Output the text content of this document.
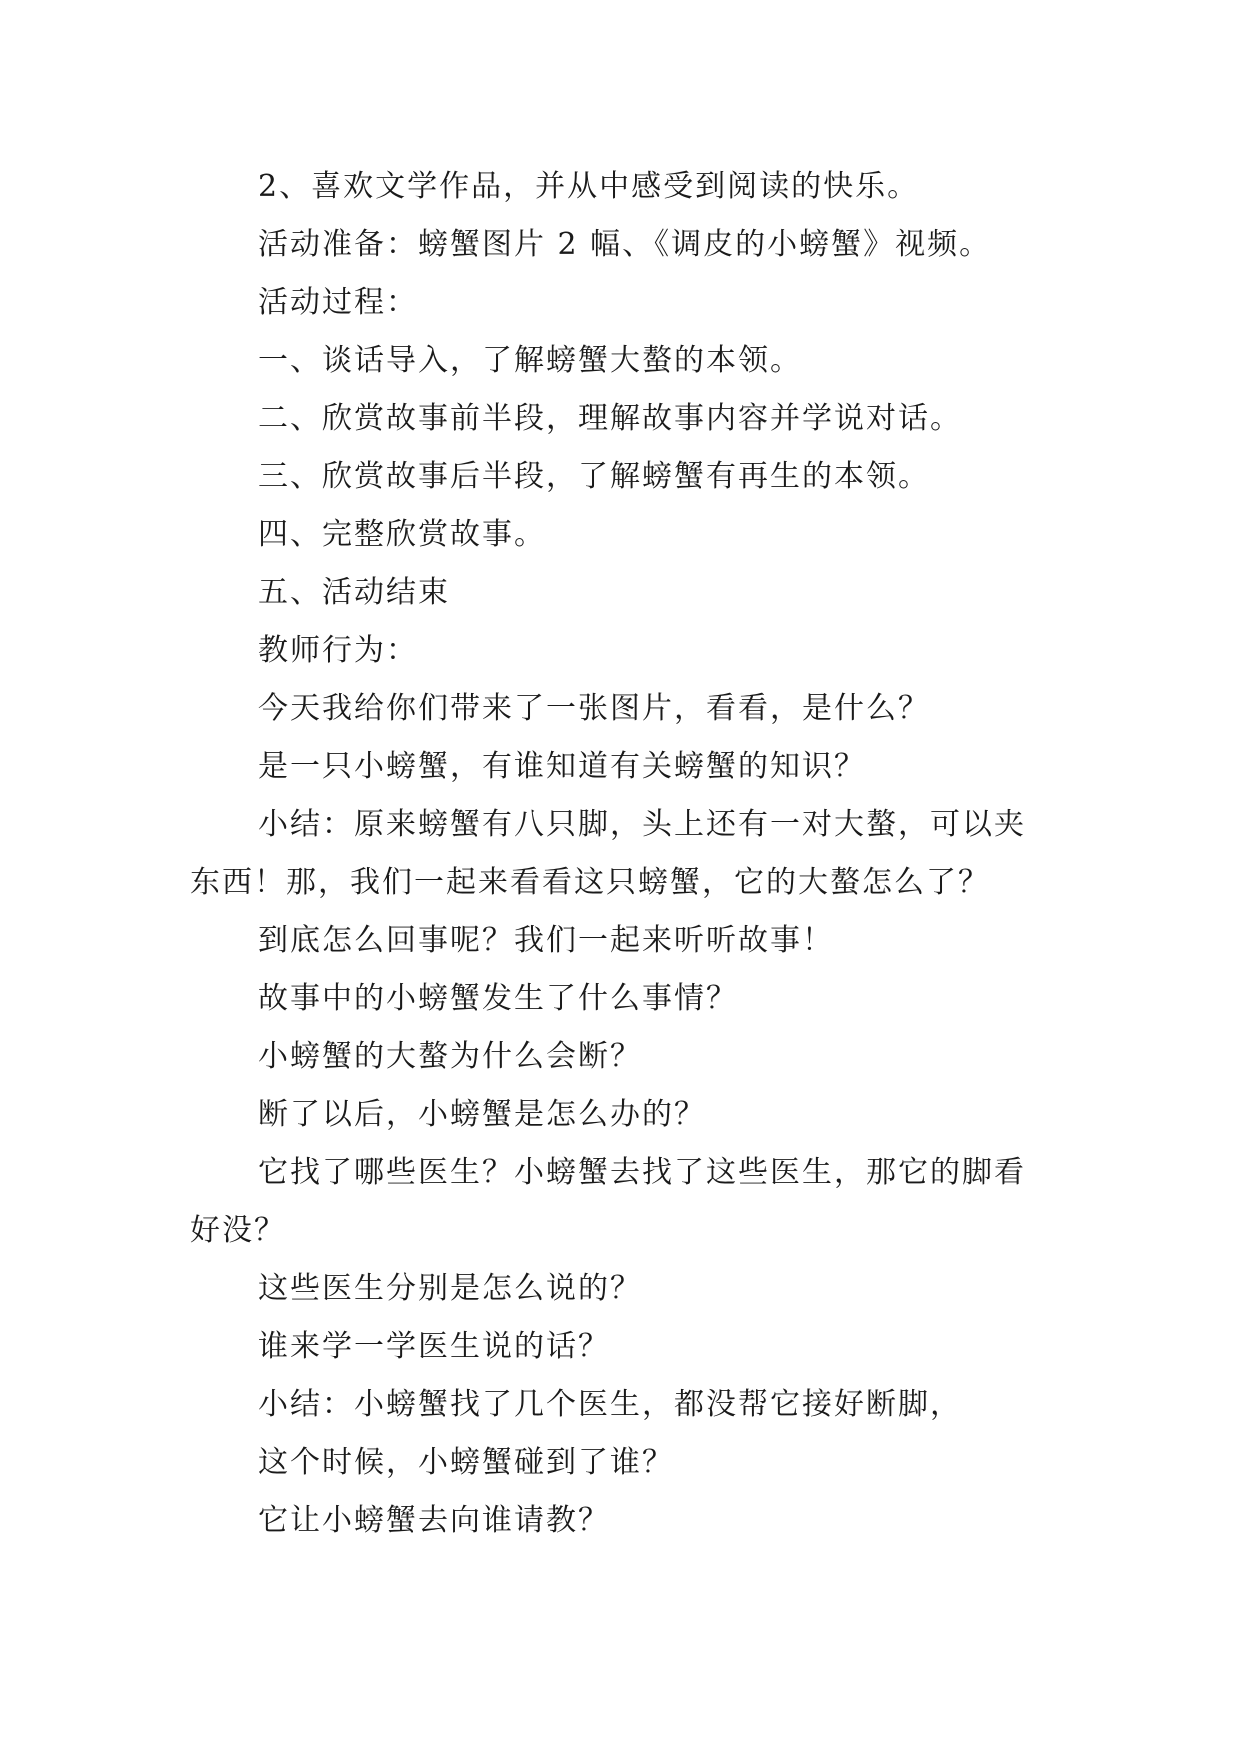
2、喜欢文学作品，并从中感受到阅读的快乐。

活动准备：螃蟹图片 2 幅、《调皮的小螃蟹》视频。

活动过程：

一、谈话导入，了解螃蟹大螯的本领。

二、欣赏故事前半段，理解故事内容并学说对话。

三、欣赏故事后半段，了解螃蟹有再生的本领。

四、完整欣赏故事。

五、活动结束

教师行为：

今天我给你们带来了一张图片，看看，是什么？

是一只小螃蟹，有谁知道有关螃蟹的知识？

小结：原来螃蟹有八只脚，头上还有一对大螯，可以夹东西！那，我们一起来看看这只螃蟹，它的大螯怎么了？

到底怎么回事呢？我们一起来听听故事！

故事中的小螃蟹发生了什么事情？

小螃蟹的大螯为什么会断？

断了以后，小螃蟹是怎么办的？

它找了哪些医生？小螃蟹去找了这些医生，那它的脚看好没？

这些医生分别是怎么说的？

谁来学一学医生说的话？

小结：小螃蟹找了几个医生，都没帮它接好断脚，

这个时候，小螃蟹碰到了谁？

它让小螃蟹去向谁请教？
